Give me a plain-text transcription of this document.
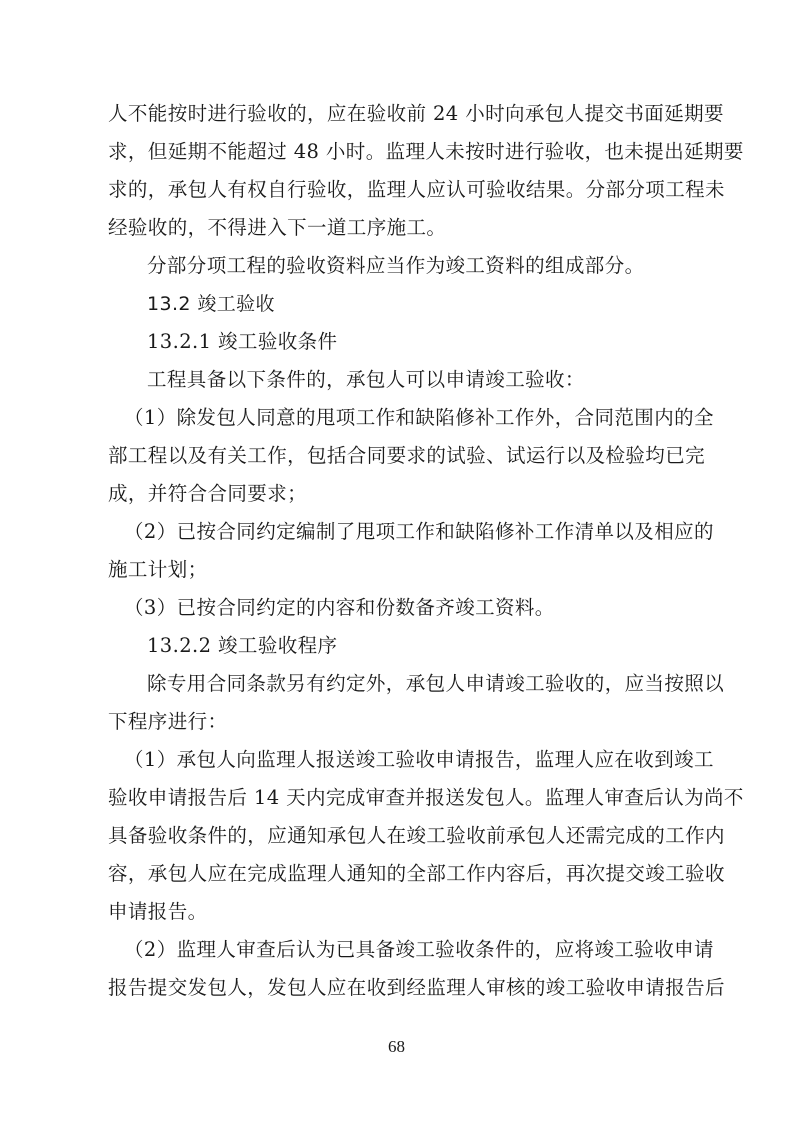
人不能按时进行验收的，应在验收前 24 小时向承包人提交书面延期要
求，但延期不能超过 48 小时。监理人未按时进行验收，也未提出延期要
求的，承包人有权自行验收，监理人应认可验收结果。分部分项工程未
经验收的，不得进入下一道工序施工。
分部分项工程的验收资料应当作为竣工资料的组成部分。
13.2 竣工验收
13.2.1 竣工验收条件
工程具备以下条件的，承包人可以申请竣工验收：
（1）除发包人同意的甩项工作和缺陷修补工作外，合同范围内的全
部工程以及有关工作，包括合同要求的试验、试运行以及检验均已完
成，并符合合同要求；
（2）已按合同约定编制了甩项工作和缺陷修补工作清单以及相应的
施工计划；
（3）已按合同约定的内容和份数备齐竣工资料。
13.2.2 竣工验收程序
除专用合同条款另有约定外，承包人申请竣工验收的，应当按照以
下程序进行：
（1）承包人向监理人报送竣工验收申请报告，监理人应在收到竣工
验收申请报告后 14 天内完成审查并报送发包人。监理人审查后认为尚不
具备验收条件的，应通知承包人在竣工验收前承包人还需完成的工作内
容，承包人应在完成监理人通知的全部工作内容后，再次提交竣工验收
申请报告。
（2）监理人审查后认为已具备竣工验收条件的，应将竣工验收申请
报告提交发包人，发包人应在收到经监理人审核的竣工验收申请报告后
68
